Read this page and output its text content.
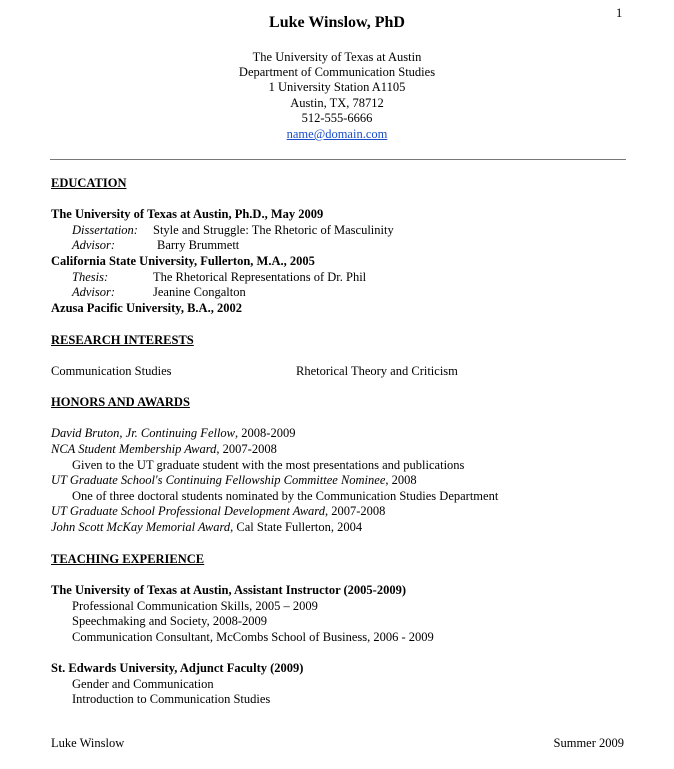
1
Luke Winslow, PhD
The University of Texas at Austin
Department of Communication Studies
1 University Station A1105
Austin, TX, 78712
512-555-6666
name@domain.com
EDUCATION
The University of Texas at Austin, Ph.D., May 2009
Dissertation: Style and Struggle: The Rhetoric of Masculinity
Advisor:	Barry Brummett
California State University, Fullerton, M.A., 2005
Thesis:	The Rhetorical Representations of Dr. Phil
Advisor:	Jeanine Congalton
Azusa Pacific University, B.A., 2002
RESEARCH INTERESTS
Communication Studies	Rhetorical Theory and Criticism
HONORS AND AWARDS
David Bruton, Jr. Continuing Fellow, 2008-2009
NCA Student Membership Award, 2007-2008
Given to the UT graduate student with the most presentations and publications
UT Graduate School's Continuing Fellowship Committee Nominee, 2008
One of three doctoral students nominated by the Communication Studies Department
UT Graduate School Professional Development Award, 2007-2008
John Scott McKay Memorial Award, Cal State Fullerton, 2004
TEACHING EXPERIENCE
The University of Texas at Austin, Assistant Instructor (2005-2009)
Professional Communication Skills, 2005 – 2009
Speechmaking and Society, 2008-2009
Communication Consultant, McCombs School of Business, 2006 - 2009
St. Edwards University, Adjunct Faculty (2009)
Gender and Communication
Introduction to Communication Studies
Luke Winslow	Summer 2009
